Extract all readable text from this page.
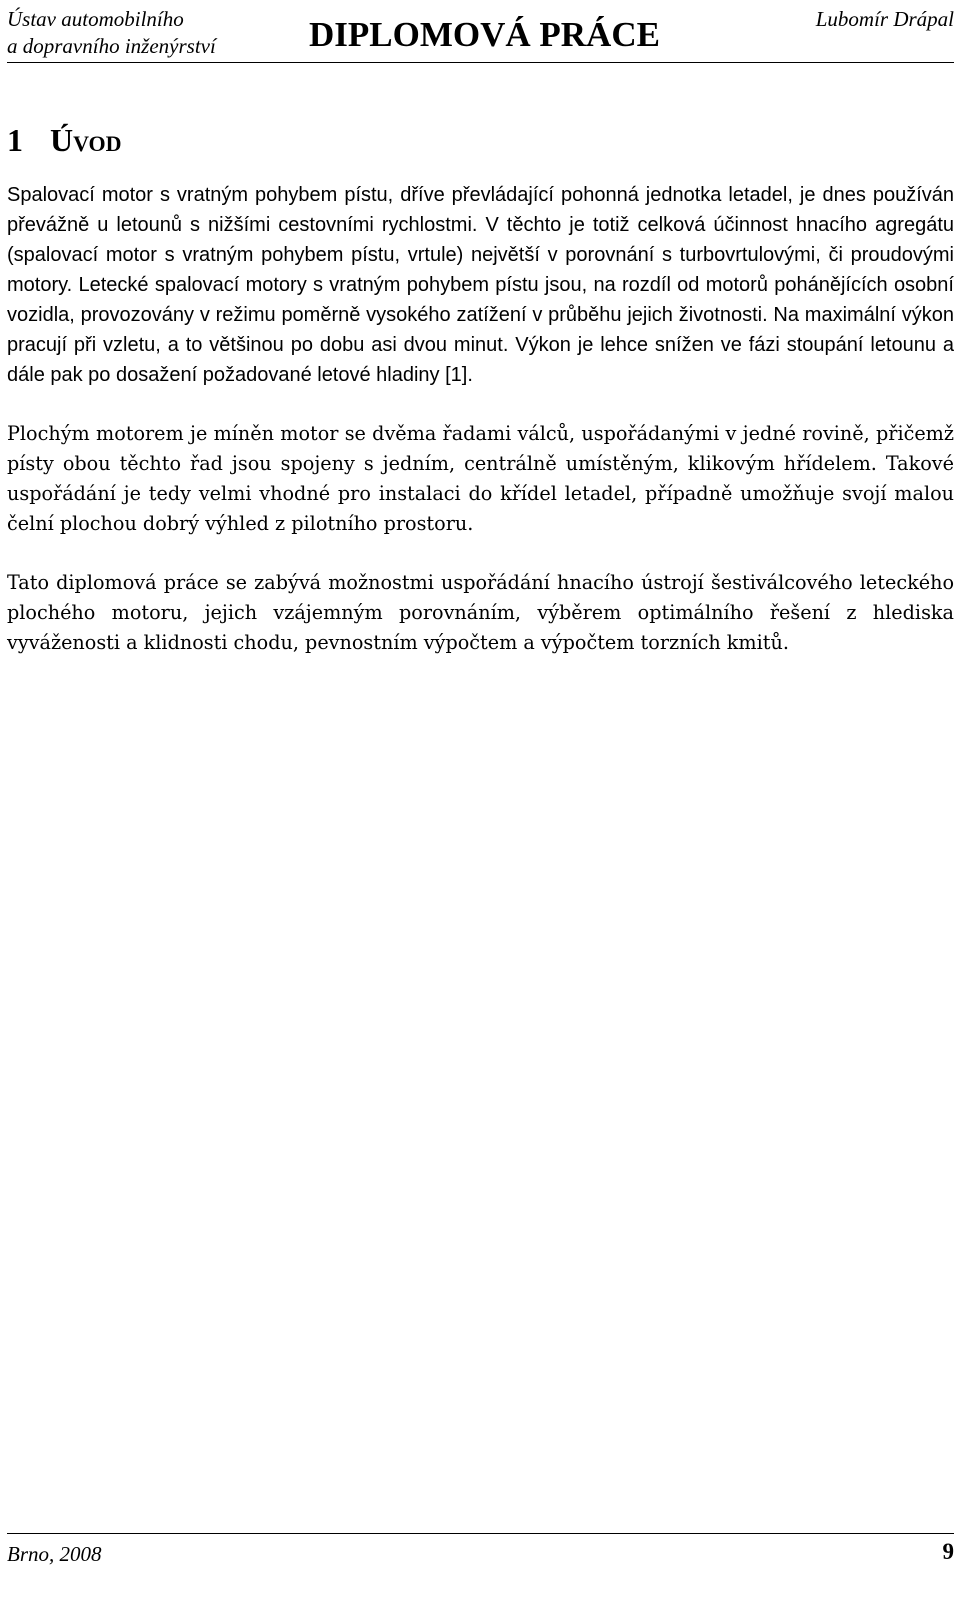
Ústav automobilního
a dopravního inženýrství	DIPLOMOVÁ PRÁCE	Lubomír Drápal
1 Úvod

Spalovací motor s vratným pohybem pístu, dříve převládající pohonná jednotka letadel, je dnes používán převážně u letounů s nižšími cestovními rychlostmi. V těchto je totiž celková účinnost hnacího agregátu (spalovací motor s vratným pohybem pístu, vrtule) největší v porovnání s turbovrtulovými, či proudovými motory. Letecké spalovací motory s vratným pohybem pístu jsou, na rozdíl od motorů pohánějících osobní vozidla, provozovány v režimu poměrně vysokého zatížení v průběhu jejich životnosti. Na maximální výkon pracují při vzletu, a to většinou po dobu asi dvou minut. Výkon je lehce snížen ve fázi stoupání letounu a dále pak po dosažení požadované letové hladiny [1].

Plochým motorem je míněn motor se dvěma řadami válců, uspořádanými v jedné rovině, přičemž písty obou těchto řad jsou spojeny s jedním, centrálně umístěným, klikovým hřídelem. Takové uspořádání je tedy velmi vhodné pro instalaci do křídel letadel, případně umožňuje svojí malou čelní plochou dobrý výhled z pilotního prostoru.

Tato diplomová práce se zabývá možnostmi uspořádání hnacího ústrojí šestiválcového leteckého plochého motoru, jejich vzájemným porovnáním, výběrem optimálního řešení z hlediska vyváženosti a klidnosti chodu, pevnostním výpočtem a výpočtem torzních kmitů.

Brno, 2008	9
